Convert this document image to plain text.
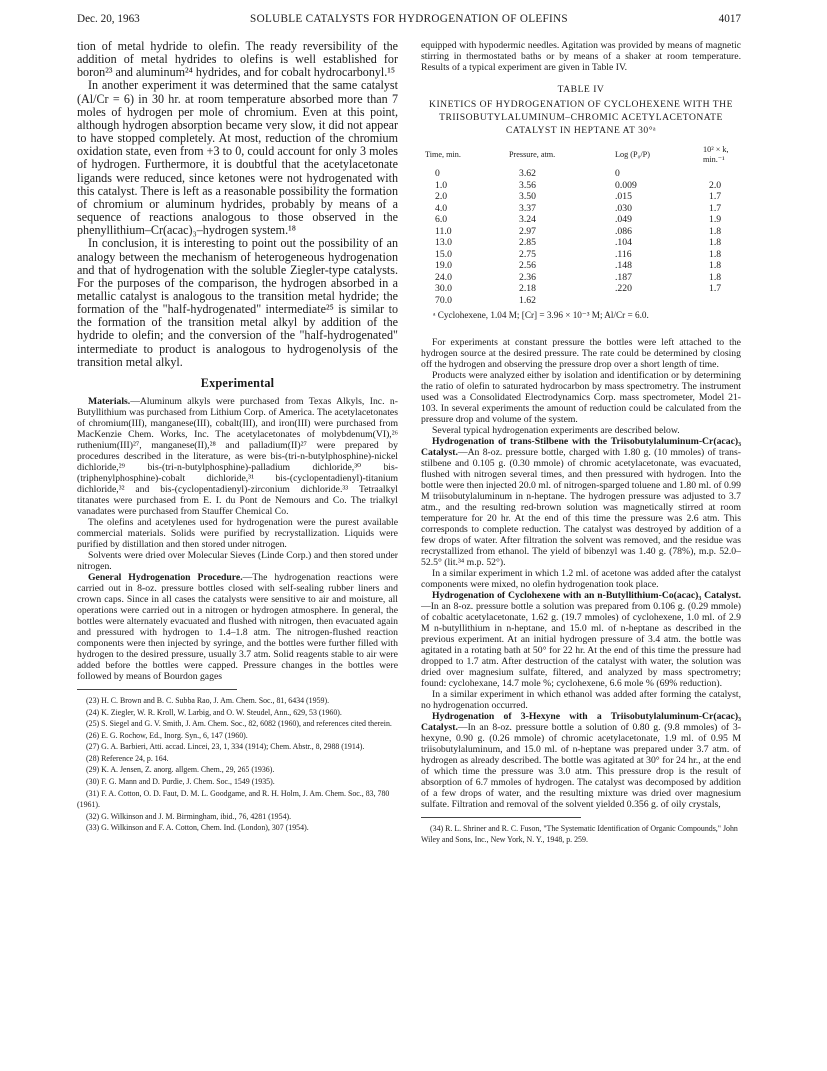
Dec. 20, 1963	SOLUBLE CATALYSTS FOR HYDROGENATION OF OLEFINS	4017

tion of metal hydride to olefin. The ready reversibility of the addition of metal hydrides to olefins is well established for boron²³ and aluminum²⁴ hydrides, and for cobalt hydrocarbonyl.¹⁵

In another experiment it was determined that the same catalyst (Al/Cr = 6) in 30 hr. at room temperature absorbed more than 7 moles of hydrogen per mole of chromium. Even at this point, although hydrogen absorption became very slow, it did not appear to have stopped completely. At most, reduction of the chromium oxidation state, even from +3 to 0, could account for only 3 moles of hydrogen. Furthermore, it is doubtful that the acetylacetonate ligands were reduced, since ketones were not hydrogenated with this catalyst. There is left as a reasonable possibility the formation of chromium or aluminum hydrides, probably by means of a sequence of reactions analogous to those observed in the phenyllithium–Cr(acac)₃–hydrogen system.¹⁸

In conclusion, it is interesting to point out the possibility of an analogy between the mechanism of heterogeneous hydrogenation and that of hydrogenation with the soluble Ziegler-type catalysts. For the purposes of the comparison, the hydrogen absorbed in a metallic catalyst is analogous to the transition metal hydride; the formation of the "half-hydrogenated" intermediate²⁵ is similar to the formation of the transition metal alkyl by addition of the hydride to olefin; and the conversion of the "half-hydrogenated" intermediate to product is analogous to hydrogenolysis of the transition metal alkyl.

Experimental

Materials.—Aluminum alkyls were purchased from Texas Alkyls, Inc. n-Butyllithium was purchased from Lithium Corp. of America. The acetylacetonates of chromium(III), manganese(III), cobalt(III), and iron(III) were purchased from MacKenzie Chem. Works, Inc. The acetylacetonates of molybdenum(VI),²⁶ ruthenium(III)²⁷, manganese(II),²⁸ and palladium(II)²⁷ were prepared by procedures described in the literature, as were bis-(tri-n-butylphosphine)-nickel dichloride,²⁹ bis-(tri-n-butylphosphine)-palladium dichloride,³⁰ bis-(triphenylphosphine)-cobalt dichloride,³¹ bis-(cyclopentadienyl)-titanium dichloride,³² and bis-(cyclopentadienyl)-zirconium dichloride.³³ Tetraalkyl titanates were purchased from E. I. du Pont de Nemours and Co. The trialkyl vanadates were purchased from Stauffer Chemical Co.

The olefins and acetylenes used for hydrogenation were the purest available commercial materials. Solids were purified by recrystallization. Liquids were purified by distillation and then stored under nitrogen.

Solvents were dried over Molecular Sieves (Linde Corp.) and then stored under nitrogen.

General Hydrogenation Procedure.—The hydrogenation reactions were carried out in 8-oz. pressure bottles closed with self-sealing rubber liners and crown caps. Since in all cases the catalysts were sensitive to air and moisture, all operations were carried out in a nitrogen or hydrogen atmosphere. In general, the bottles were alternately evacuated and flushed with nitrogen, then evacuated again and pressured with hydrogen to 1.4–1.8 atm. The nitrogen-flushed reaction components were then injected by syringe, and the bottles were further filled with hydrogen to the desired pressure, usually 3.7 atm. Solid reagents stable to air were added before the bottles were capped. Pressure changes in the bottles were followed by means of Bourdon gages

(23) H. C. Brown and B. C. Subba Rao, J. Am. Chem. Soc., 81, 6434 (1959).

(24) K. Ziegler, W. R. Kroll, W. Larbig, and O. W. Steudel, Ann., 629, 53 (1960).

(25) S. Siegel and G. V. Smith, J. Am. Chem. Soc., 82, 6082 (1960), and references cited therein.

(26) E. G. Rochow, Ed., Inorg. Syn., 6, 147 (1960).

(27) G. A. Barbieri, Atti. accad. Lincei, 23, 1, 334 (1914); Chem. Abstr., 8, 2988 (1914).

(28) Reference 24, p. 164.

(29) K. A. Jensen, Z. anorg. allgem. Chem., 29, 265 (1936).

(30) F. G. Mann and D. Purdie, J. Chem. Soc., 1549 (1935).

(31) F. A. Cotton, O. D. Faut, D. M. L. Goodgame, and R. H. Holm, J. Am. Chem. Soc., 83, 780 (1961).

(32) G. Wilkinson and J. M. Birmingham, ibid., 76, 4281 (1954).

(33) G. Wilkinson and F. A. Cotton, Chem. Ind. (London), 307 (1954).

equipped with hypodermic needles. Agitation was provided by means of magnetic stirring in thermostated baths or by means of a shaker at room temperature. Results of a typical experiment are given in Table IV.

TABLE IV
KINETICS OF HYDROGENATION OF CYCLOHEXENE WITH THE TRIISOBUTYLALUMINUM–CHROMIC ACETYLACETONATE CATALYST IN HEPTANE AT 30°ᵃ
Time, min.	Pressure, atm.	Log (P₀/P)	10² × k, min.⁻¹
0	3.62	0	
1.0	3.56	0.009	2.0
2.0	3.50	.015	1.7
4.0	3.37	.030	1.7
6.0	3.24	.049	1.9
11.0	2.97	.086	1.8
13.0	2.85	.104	1.8
15.0	2.75	.116	1.8
19.0	2.56	.148	1.8
24.0	2.36	.187	1.8
30.0	2.18	.220	1.7
70.0	1.62		
ᵃ Cyclohexene, 1.04 M; [Cr] = 3.96 × 10⁻³ M; Al/Cr = 6.0.

For experiments at constant pressure the bottles were left attached to the hydrogen source at the desired pressure. The rate could be determined by closing off the hydrogen and observing the pressure drop over a short length of time.

Products were analyzed either by isolation and identification or by determining the ratio of olefin to saturated hydrocarbon by mass spectrometry. The instrument used was a Consolidated Electrodynamics Corp. mass spectrometer, Model 21-103. In several experiments the amount of reduction could be calculated from the pressure drop and volume of the system.

Several typical hydrogenation experiments are described below.

Hydrogenation of trans-Stilbene with the Triisobutylaluminum-Cr(acac)₃ Catalyst.—An 8-oz. pressure bottle, charged with 1.80 g. (10 mmoles) of trans-stilbene and 0.105 g. (0.30 mmole) of chromic acetylacetonate, was evacuated, flushed with nitrogen several times, and then pressured with hydrogen. Into the bottle were then injected 20.0 ml. of nitrogen-sparged toluene and 1.80 ml. of 0.99 M triisobutylaluminum in n-heptane. The hydrogen pressure was adjusted to 3.7 atm., and the resulting red-brown solution was magnetically stirred at room temperature for 20 hr. At the end of this time the pressure was 2.6 atm. This corresponds to complete reduction. The catalyst was destroyed by addition of a few drops of water. After filtration the solvent was removed, and the residue was recrystallized from ethanol. The yield of bibenzyl was 1.40 g. (78%), m.p. 52.0–52.5° (lit.³⁴ m.p. 52°).

In a similar experiment in which 1.2 ml. of acetone was added after the catalyst components were mixed, no olefin hydrogenation took place.

Hydrogenation of Cyclohexene with an n-Butyllithium-Co(acac)₃ Catalyst.—In an 8-oz. pressure bottle a solution was prepared from 0.106 g. (0.29 mmole) of cobaltic acetylacetonate, 1.62 g. (19.7 mmoles) of cyclohexene, 1.0 ml. of 2.9 M n-butyllithium in n-heptane, and 15.0 ml. of n-heptane as described in the previous experiment. At an initial hydrogen pressure of 3.4 atm. the bottle was agitated in a rotating bath at 50° for 22 hr. At the end of this time the pressure had dropped to 1.7 atm. After destruction of the catalyst with water, the solution was dried over magnesium sulfate, filtered, and analyzed by mass spectrometry; found: cyclohexane, 14.7 mole %; cyclohexene, 6.6 mole % (69% reduction).

In a similar experiment in which ethanol was added after forming the catalyst, no hydrogenation occurred.

Hydrogenation of 3-Hexyne with a Triisobutylaluminum-Cr(acac)₃ Catalyst.—In an 8-oz. pressure bottle a solution of 0.80 g. (9.8 mmoles) of 3-hexyne, 0.90 g. (0.26 mmole) of chromic acetylacetonate, 1.9 ml. of 0.95 M triisobutylaluminum, and 15.0 ml. of n-heptane was prepared under 3.7 atm. of hydrogen as already described. The bottle was agitated at 30° for 24 hr., at the end of which time the pressure was 3.0 atm. This pressure drop is the result of absorption of 6.7 mmoles of hydrogen. The catalyst was decomposed by addition of a few drops of water, and the resulting mixture was dried over magnesium sulfate. Filtration and removal of the solvent yielded 0.356 g. of oily crystals,

(34) R. L. Shriner and R. C. Fuson, "The Systematic Identification of Organic Compounds," John Wiley and Sons, Inc., New York, N. Y., 1948, p. 259.
